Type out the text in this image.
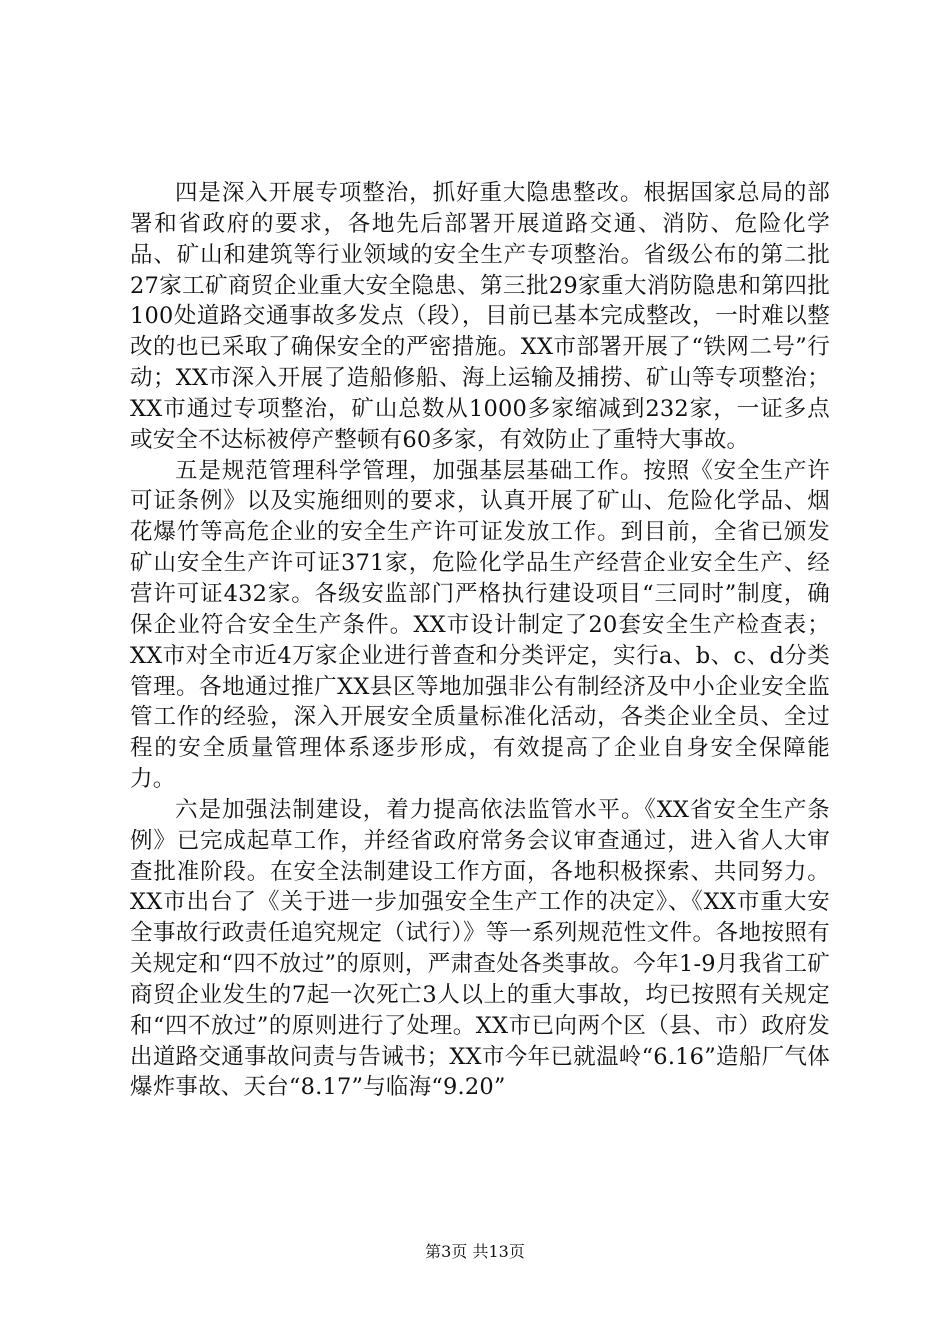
四是深入开展专项整治，抓好重大隐患整改。根据国家总局的部署和省政府的要求，各地先后部署开展道路交通、消防、危险化学品、矿山和建筑等行业领域的安全生产专项整治。省级公布的第二批27家工矿商贸企业重大安全隐患、第三批29家重大消防隐患和第四批100处道路交通事故多发点（段），目前已基本完成整改，一时难以整改的也已采取了确保安全的严密措施。XX市部署开展了“铁网二号”行动；XX市深入开展了造船修船、海上运输及捕捞、矿山等专项整治；XX市通过专项整治，矿山总数从1000多家缩减到232家，一证多点或安全不达标被停产整顿有60多家，有效防止了重特大事故。

五是规范管理科学管理，加强基层基础工作。按照《安全生产许可证条例》以及实施细则的要求，认真开展了矿山、危险化学品、烟花爆竹等高危企业的安全生产许可证发放工作。到目前，全省已颁发矿山安全生产许可证371家，危险化学品生产经营企业安全生产、经营许可证432家。各级安监部门严格执行建设项目“三同时”制度，确保企业符合安全生产条件。XX市设计制定了20套安全生产检查表；XX市对全市近4万家企业进行普查和分类评定，实行a、b、c、d分类管理。各地通过推广XX县区等地加强非公有制经济及中小企业安全监管工作的经验，深入开展安全质量标准化活动，各类企业全员、全过程的安全质量管理体系逐步形成，有效提高了企业自身安全保障能力。

六是加强法制建设，着力提高依法监管水平。《XX省安全生产条例》已完成起草工作，并经省政府常务会议审查通过，进入省人大审查批准阶段。在安全法制建设工作方面，各地积极探索、共同努力。XX市出台了《关于进一步加强安全生产工作的决定》、《XX市重大安全事故行政责任追究规定（试行）》等一系列规范性文件。各地按照有关规定和“四不放过”的原则，严肃查处各类事故。今年1-9月我省工矿商贸企业发生的7起一次死亡3人以上的重大事故，均已按照有关规定和“四不放过”的原则进行了处理。XX市已向两个区（县、市）政府发出道路交通事故问责与告诫书；XX市今年已就温岭“6.16”造船厂气体爆炸事故、天台“8.17”与临海“9.20”

第3页 共13页
